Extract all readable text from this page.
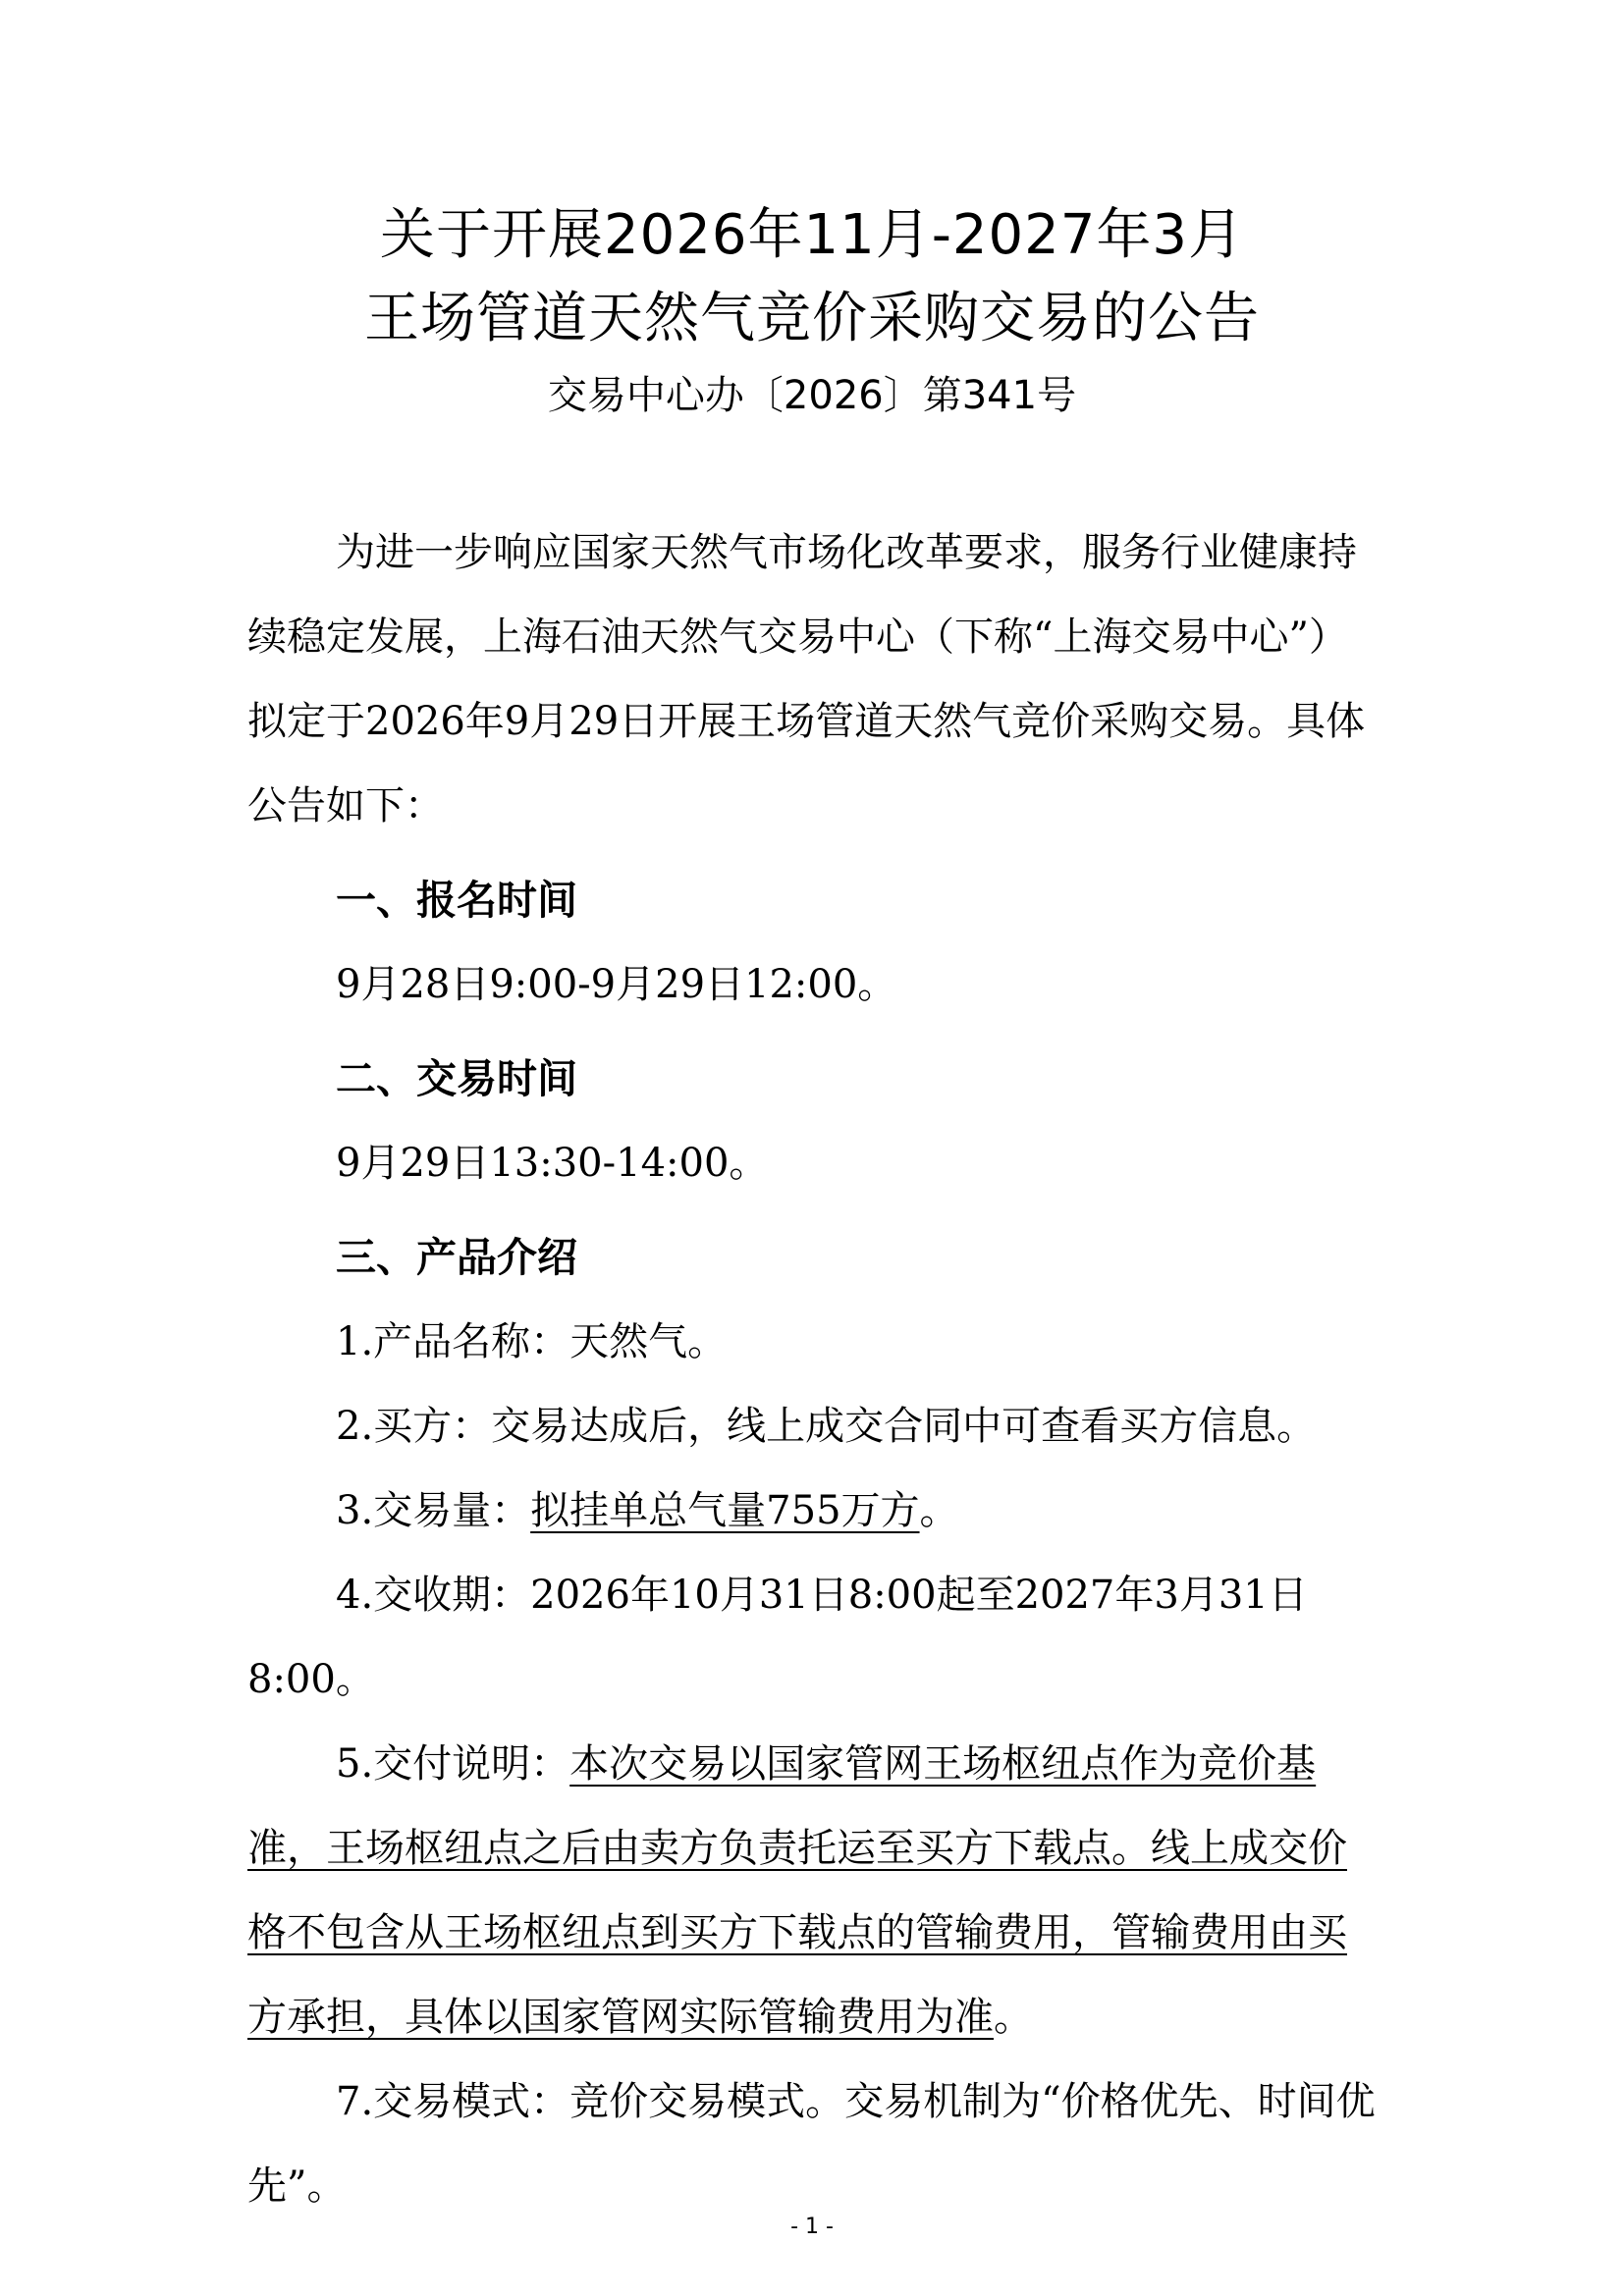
关于开展2026年11月-2027年3月
王场管道天然气竞价采购交易的公告
交易中心办〔2026〕第341号

为进一步响应国家天然气市场化改革要求，服务行业健康持续稳定发展，上海石油天然气交易中心（下称“上海交易中心”）拟定于2026年9月29日开展王场管道天然气竞价采购交易。具体公告如下：

一、报名时间

9月28日9:00-9月29日12:00。

二、交易时间

9月29日13:30-14:00。

三、产品介绍

1.产品名称：天然气。

2.买方：交易达成后，线上成交合同中可查看买方信息。

3.交易量：拟挂单总气量755万方。

4.交收期：2026年10月31日8:00起至2027年3月31日8:00。

5.交付说明：本次交易以国家管网王场枢纽点作为竞价基准，王场枢纽点之后由卖方负责托运至买方下载点。线上成交价格不包含从王场枢纽点到买方下载点的管输费用，管输费用由买方承担，具体以国家管网实际管输费用为准。

7.交易模式：竞价交易模式。交易机制为“价格优先、时间优先”。

- 1 -
